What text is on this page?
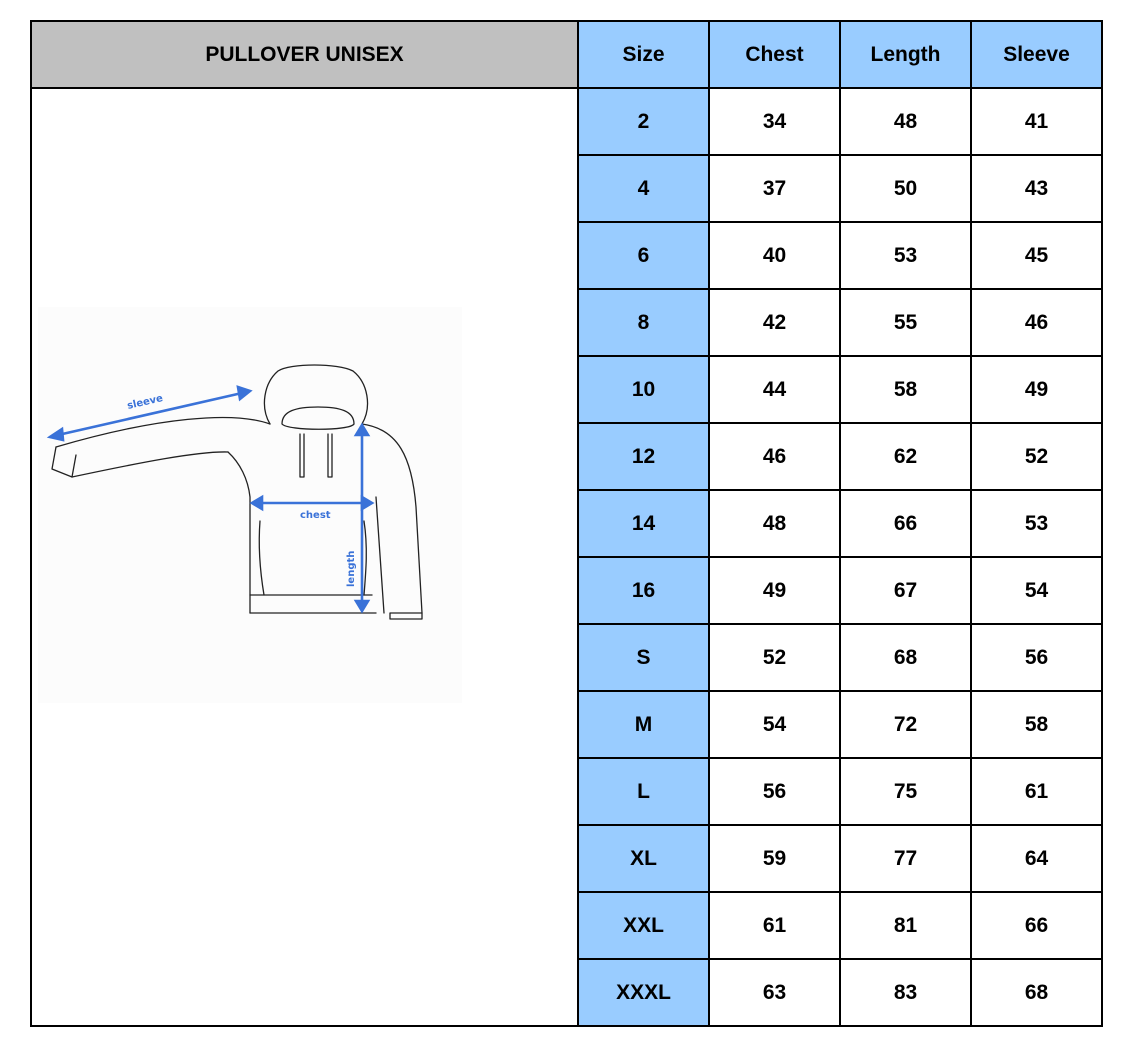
PULLOVER UNISEX	Size	Chest	Length	Sleeve

sleeve
chest
length	2	34	48	41
	4	37	50	43
	6	40	53	45
	8	42	55	46
	10	44	58	49
	12	46	62	52
	14	48	66	53
	16	49	67	54
	S	52	68	56
	M	54	72	58
	L	56	75	61
	XL	59	77	64
	XXL	61	81	66
	XXXL	63	83	68
